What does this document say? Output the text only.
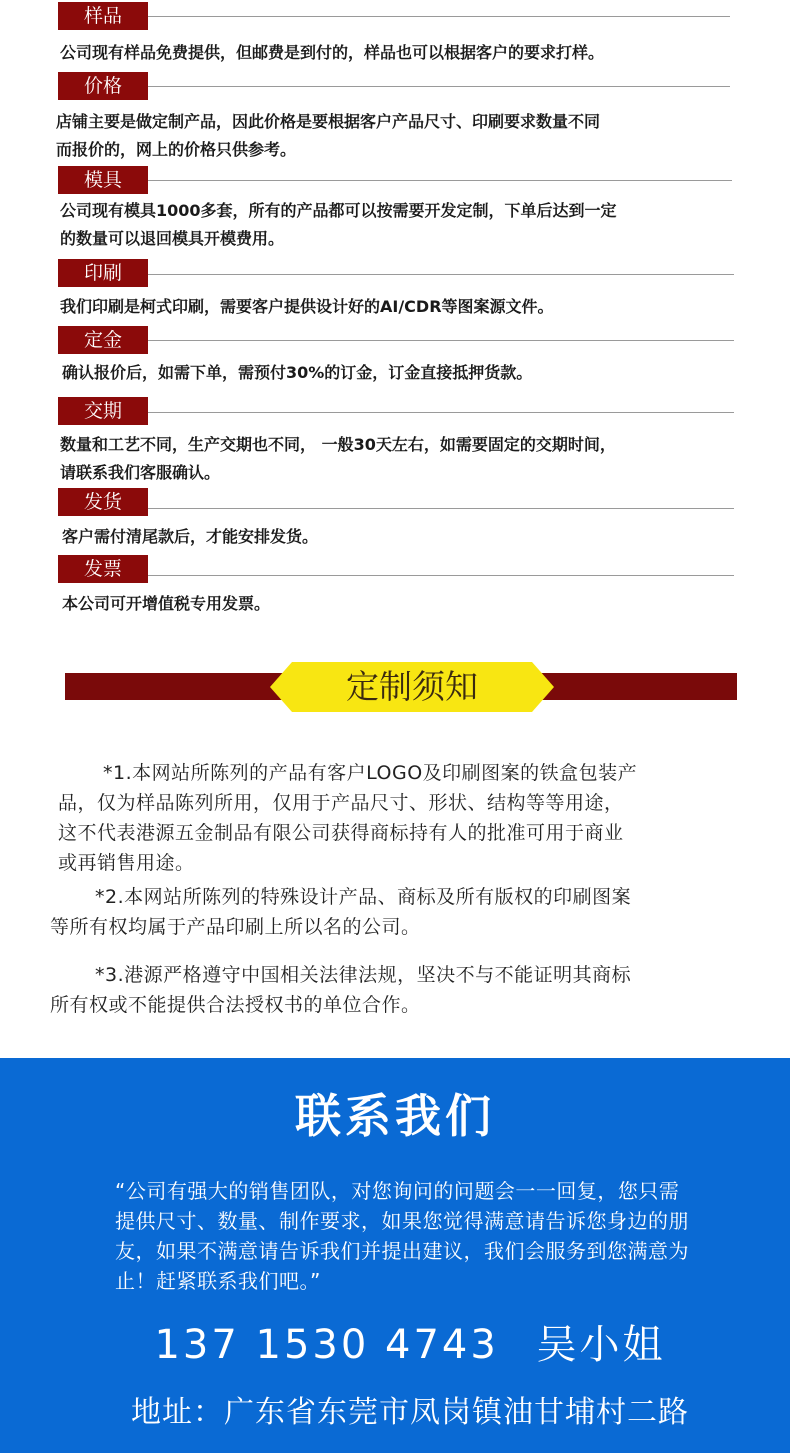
样品
公司现有样品免费提供，但邮费是到付的，样品也可以根据客户的要求打样。
价格
店铺主要是做定制产品，因此价格是要根据客户产品尺寸、印刷要求数量不同
而报价的，网上的价格只供参考。
模具
公司现有模具1000多套，所有的产品都可以按需要开发定制，下单后达到一定
的数量可以退回模具开模费用。
印刷
我们印刷是柯式印刷，需要客户提供设计好的AI/CDR等图案源文件。
定金
确认报价后，如需下单，需预付30%的订金，订金直接抵押货款。
交期
数量和工艺不同，生产交期也不同， 一般30天左右，如需要固定的交期时间，
请联系我们客服确认。
发货
客户需付清尾款后，才能安排发货。
发票
本公司可开增值税专用发票。
定制须知
*1.本网站所陈列的产品有客户LOGO及印刷图案的铁盒包装产
品，仅为样品陈列所用，仅用于产品尺寸、形状、结构等等用途，
这不代表港源五金制品有限公司获得商标持有人的批准可用于商业
或再销售用途。
*2.本网站所陈列的特殊设计产品、商标及所有版权的印刷图案
等所有权均属于产品印刷上所以名的公司。
*3.港源严格遵守中国相关法律法规，坚决不与不能证明其商标
所有权或不能提供合法授权书的单位合作。
联系我们
“公司有强大的销售团队，对您询问的问题会一一回复，您只需
提供尺寸、数量、制作要求，如果您觉得满意请告诉您身边的朋
友，如果不满意请告诉我们并提出建议，我们会服务到您满意为
止！赶紧联系我们吧。”
137 1530 4743 吴小姐
地址：广东省东莞市凤岗镇油甘埔村二路
